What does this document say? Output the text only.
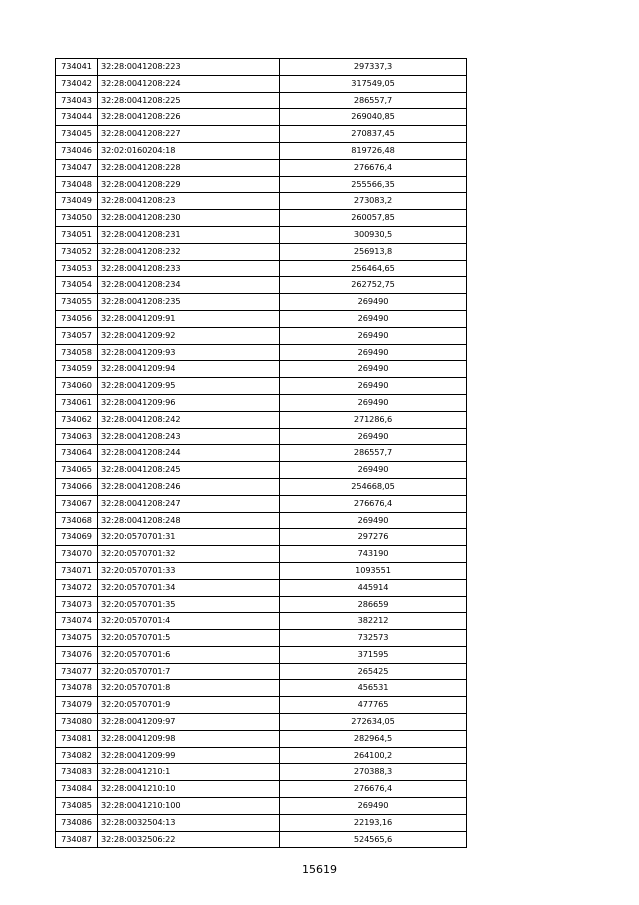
734041	32:28:0041208:223	297337,3
734042	32:28:0041208:224	317549,05
734043	32:28:0041208:225	286557,7
734044	32:28:0041208:226	269040,85
734045	32:28:0041208:227	270837,45
734046	32:02:0160204:18	819726,48
734047	32:28:0041208:228	276676,4
734048	32:28:0041208:229	255566,35
734049	32:28:0041208:23	273083,2
734050	32:28:0041208:230	260057,85
734051	32:28:0041208:231	300930,5
734052	32:28:0041208:232	256913,8
734053	32:28:0041208:233	256464,65
734054	32:28:0041208:234	262752,75
734055	32:28:0041208:235	269490
734056	32:28:0041209:91	269490
734057	32:28:0041209:92	269490
734058	32:28:0041209:93	269490
734059	32:28:0041209:94	269490
734060	32:28:0041209:95	269490
734061	32:28:0041209:96	269490
734062	32:28:0041208:242	271286,6
734063	32:28:0041208:243	269490
734064	32:28:0041208:244	286557,7
734065	32:28:0041208:245	269490
734066	32:28:0041208:246	254668,05
734067	32:28:0041208:247	276676,4
734068	32:28:0041208:248	269490
734069	32:20:0570701:31	297276
734070	32:20:0570701:32	743190
734071	32:20:0570701:33	1093551
734072	32:20:0570701:34	445914
734073	32:20:0570701:35	286659
734074	32:20:0570701:4	382212
734075	32:20:0570701:5	732573
734076	32:20:0570701:6	371595
734077	32:20:0570701:7	265425
734078	32:20:0570701:8	456531
734079	32:20:0570701:9	477765
734080	32:28:0041209:97	272634,05
734081	32:28:0041209:98	282964,5
734082	32:28:0041209:99	264100,2
734083	32:28:0041210:1	270388,3
734084	32:28:0041210:10	276676,4
734085	32:28:0041210:100	269490
734086	32:28:0032504:13	22193,16
734087	32:28:0032506:22	524565,6
15619
